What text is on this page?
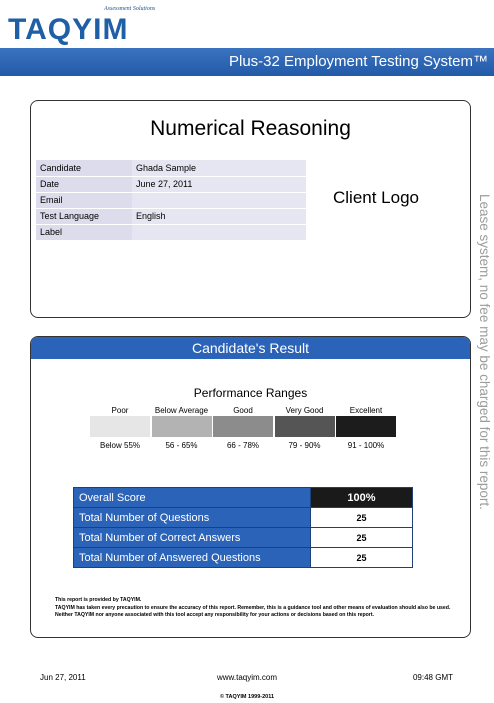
Assessment Solutions
TAQYIM
Plus-32 Employment Testing System™
Numerical Reasoning
Candidate	Ghada Sample
Date	June 27, 2011
Email	
Test Language	English
Label	
Client Logo	Lease system, no fee may be charged for this report.
Candidate's Result
Performance Ranges
Poor
Below 55%
Below Average
56 - 65%
Good
66 - 78%
Very Good
79 - 90%
Excellent
91 - 100%
Overall Score	100%
Total Number of Questions	25
Total Number of Correct Answers	25
Total Number of Answered Questions	25
This report is provided by TAQYIM.
TAQYIM has taken every precaution to ensure the accuracy of this report. Remember, this is a guidance tool and other means of evaluation should also be used. Neither TAQYIM nor anyone associated with this tool accept any responsibility for your actions or decisions based on this report.
Jun 27, 2011	www.taqyim.com	09:48 GMT
© TAQYIM 1999-2011
